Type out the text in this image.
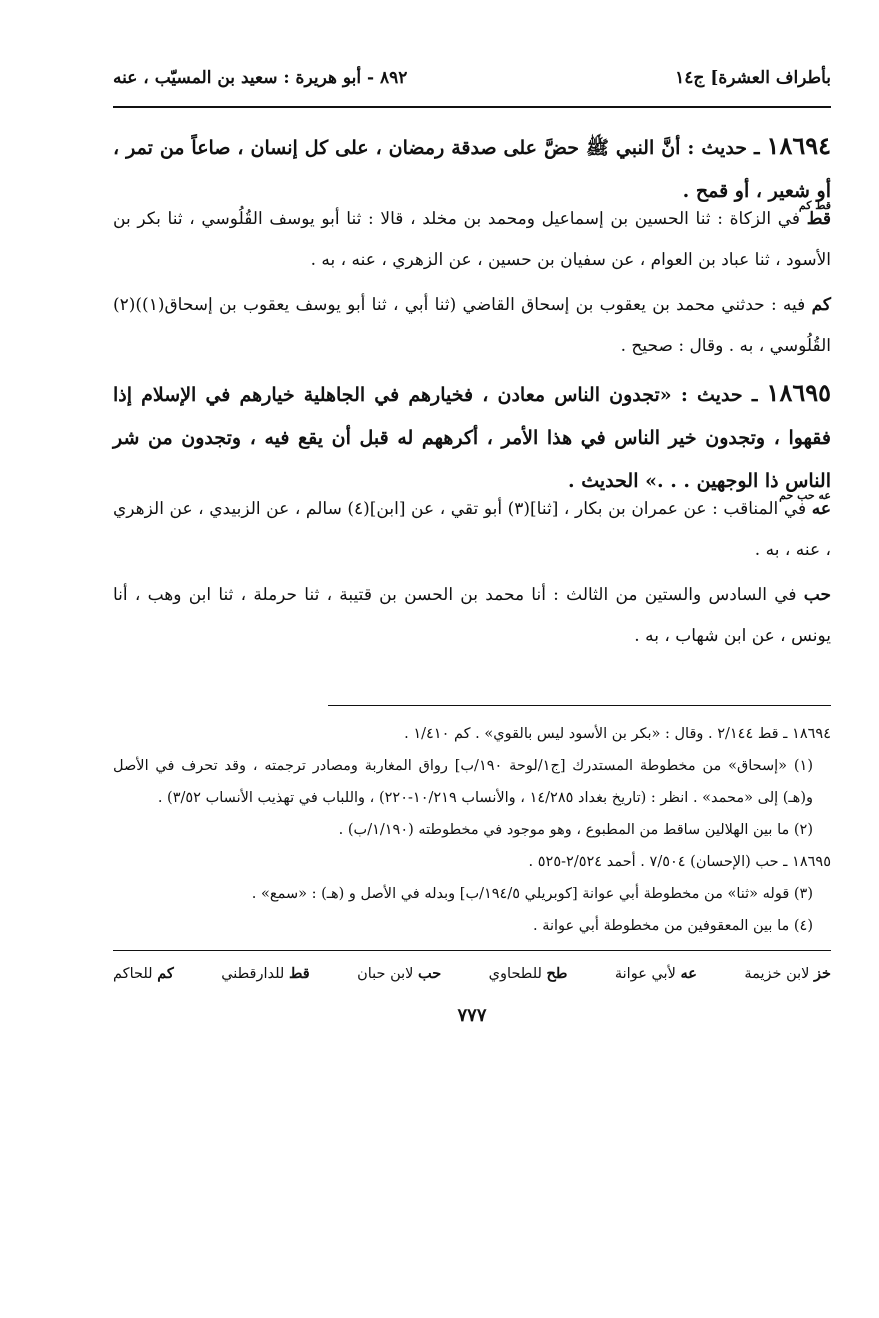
بأطراف العشرة] ج١٤
٨٩٢ - أبو هريرة : سعيد بن المسيّب ، عنه

١٨٦٩٤ ـ حديث : أنَّ النبي ﷺ حضَّ على صدقة رمضان ، على كل إنسان ، صاعاً من تمر ، أو شعير ، أو قمح .

قط كم

قط في الزكاة : ثنا الحسين بن إسماعيل ومحمد بن مخلد ، قالا : ثنا أبو يوسف القُلُوسي ، ثنا بكر بن الأسود ، ثنا عباد بن العوام ، عن سفيان بن حسين ، عن الزهري ، عنه ، به .

كم فيه : حدثني محمد بن يعقوب بن إسحاق القاضي (ثنا أبي ، ثنا أبو يوسف يعقوب بن إسحاق(١))(٢) القُلُوسي ، به . وقال : صحيح .

١٨٦٩٥ ـ حديث : «تجدون الناس معادن ، فخيارهم في الجاهلية خيارهم في الإسلام إذا فقهوا ، وتجدون خير الناس في هذا الأمر ، أكرههم له قبل أن يقع فيه ، وتجدون من شر الناس ذا الوجهين . . .» الحديث .

عه حب حم

عه في المناقب : عن عمران بن بكار ، [ثنا](٣) أبو تقي ، عن [ابن](٤) سالم ، عن الزبيدي ، عن الزهري ، عنه ، به .

حب في السادس والستين من الثالث : أنا محمد بن الحسن بن قتيبة ، ثنا حرملة ، ثنا ابن وهب ، أنا يونس ، عن ابن شهاب ، به .

١٨٦٩٤ ـ قط ٢/١٤٤ . وقال : «بكر بن الأسود ليس بالقوي» . كم ١/٤١٠ .

(١) «إسحاق» من مخطوطة المستدرك [ج١/لوحة ١٩٠/ب] رواق المغاربة ومصادر ترجمته ، وقد تحرف في الأصل و(هـ) إلى «محمد» . انظر : (تاريخ بغداد ١٤/٢٨٥ ، والأنساب ١٠/٢١٩-٢٢٠) ، واللباب في تهذيب الأنساب ٣/٥٢) .

(٢) ما بين الهلالين ساقط من المطبوع ، وهو موجود في مخطوطته (١/١٩٠/ب) .

١٨٦٩٥ ـ حب (الإحسان) ٧/٥٠٤ . أحمد ٢/٥٢٤-٥٢٥ .

(٣) قوله «ثنا» من مخطوطة أبي عوانة [كوبريلي ١٩٤/٥/ب] وبدله في الأصل و (هـ) : «سمع» .

(٤) ما بين المعقوفين من مخطوطة أبي عوانة .

خز لابن خزيمة
عه لأبي عوانة
طح للطحاوي
حب لابن حبان
قط للدارقطني
كم للحاكم
٧٧٧
